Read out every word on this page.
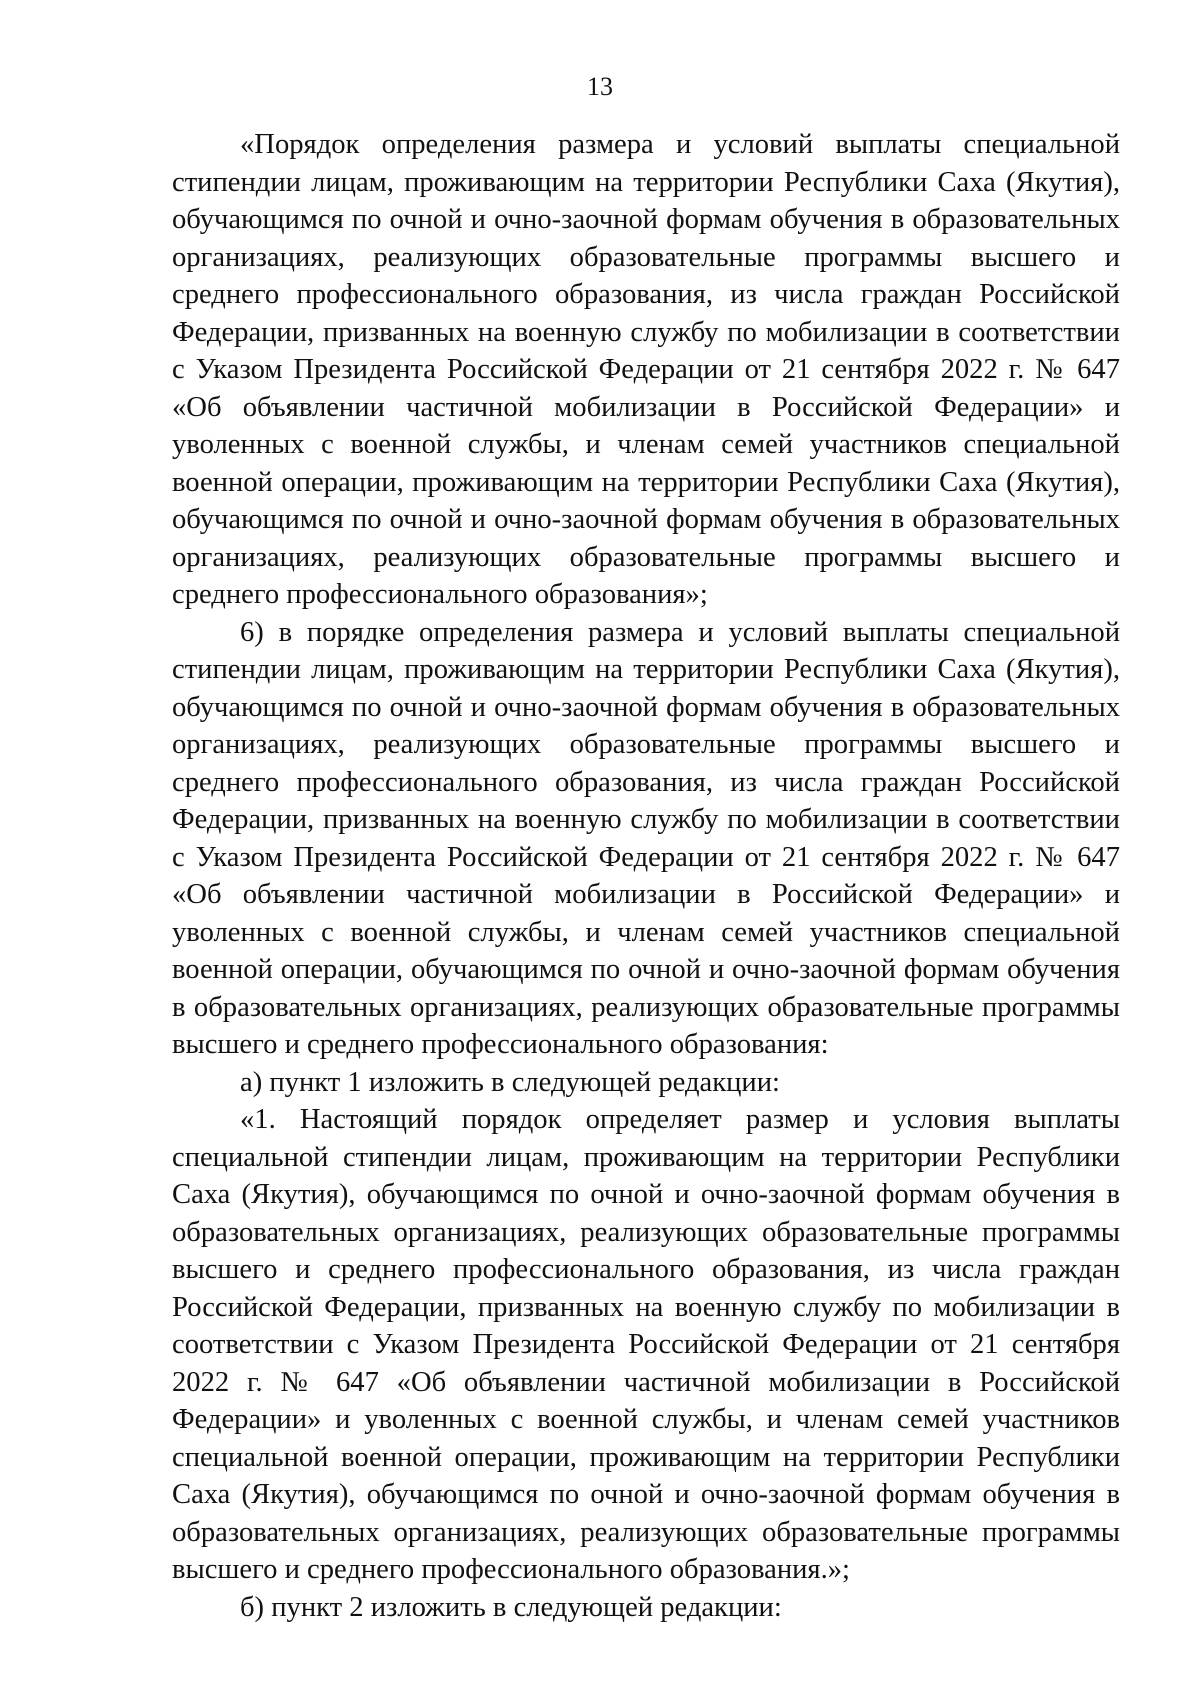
13

«Порядок определения размера и условий выплаты специальной стипендии лицам, проживающим на территории Республики Саха (Якутия), обучающимся по очной и очно-заочной формам обучения в образовательных организациях, реализующих образовательные программы высшего и среднего профессионального образования, из числа граждан Российской Федерации, призванных на военную службу по мобилизации в соответствии с Указом Президента Российской Федерации от 21 сентября 2022 г. № 647 «Об объявлении частичной мобилизации в Российской Федерации» и уволенных с военной службы, и членам семей участников специальной военной операции, проживающим на территории Республики Саха (Якутия), обучающимся по очной и очно-заочной формам обучения в образовательных организациях, реализующих образовательные программы высшего и среднего профессионального образования»;

6) в порядке определения размера и условий выплаты специальной стипендии лицам, проживающим на территории Республики Саха (Якутия), обучающимся по очной и очно-заочной формам обучения в образовательных организациях, реализующих образовательные программы высшего и среднего профессионального образования, из числа граждан Российской Федерации, призванных на военную службу по мобилизации в соответствии с Указом Президента Российской Федерации от 21 сентября 2022 г. № 647 «Об объявлении частичной мобилизации в Российской Федерации» и уволенных с военной службы, и членам семей участников специальной военной операции, обучающимся по очной и очно-заочной формам обучения в образовательных организациях, реализующих образовательные программы высшего и среднего профессионального образования:

а) пункт 1 изложить в следующей редакции:

«1. Настоящий порядок определяет размер и условия выплаты специальной стипендии лицам, проживающим на территории Республики Саха (Якутия), обучающимся по очной и очно-заочной формам обучения в образовательных организациях, реализующих образовательные программы высшего и среднего профессионального образования, из числа граждан Российской Федерации, призванных на военную службу по мобилизации в соответствии с Указом Президента Российской Федерации от 21 сентября 2022 г. № 647 «Об объявлении частичной мобилизации в Российской Федерации» и уволенных с военной службы, и членам семей участников специальной военной операции, проживающим на территории Республики Саха (Якутия), обучающимся по очной и очно-заочной формам обучения в образовательных организациях, реализующих образовательные программы высшего и среднего профессионального образования.»;

б) пункт 2 изложить в следующей редакции:
